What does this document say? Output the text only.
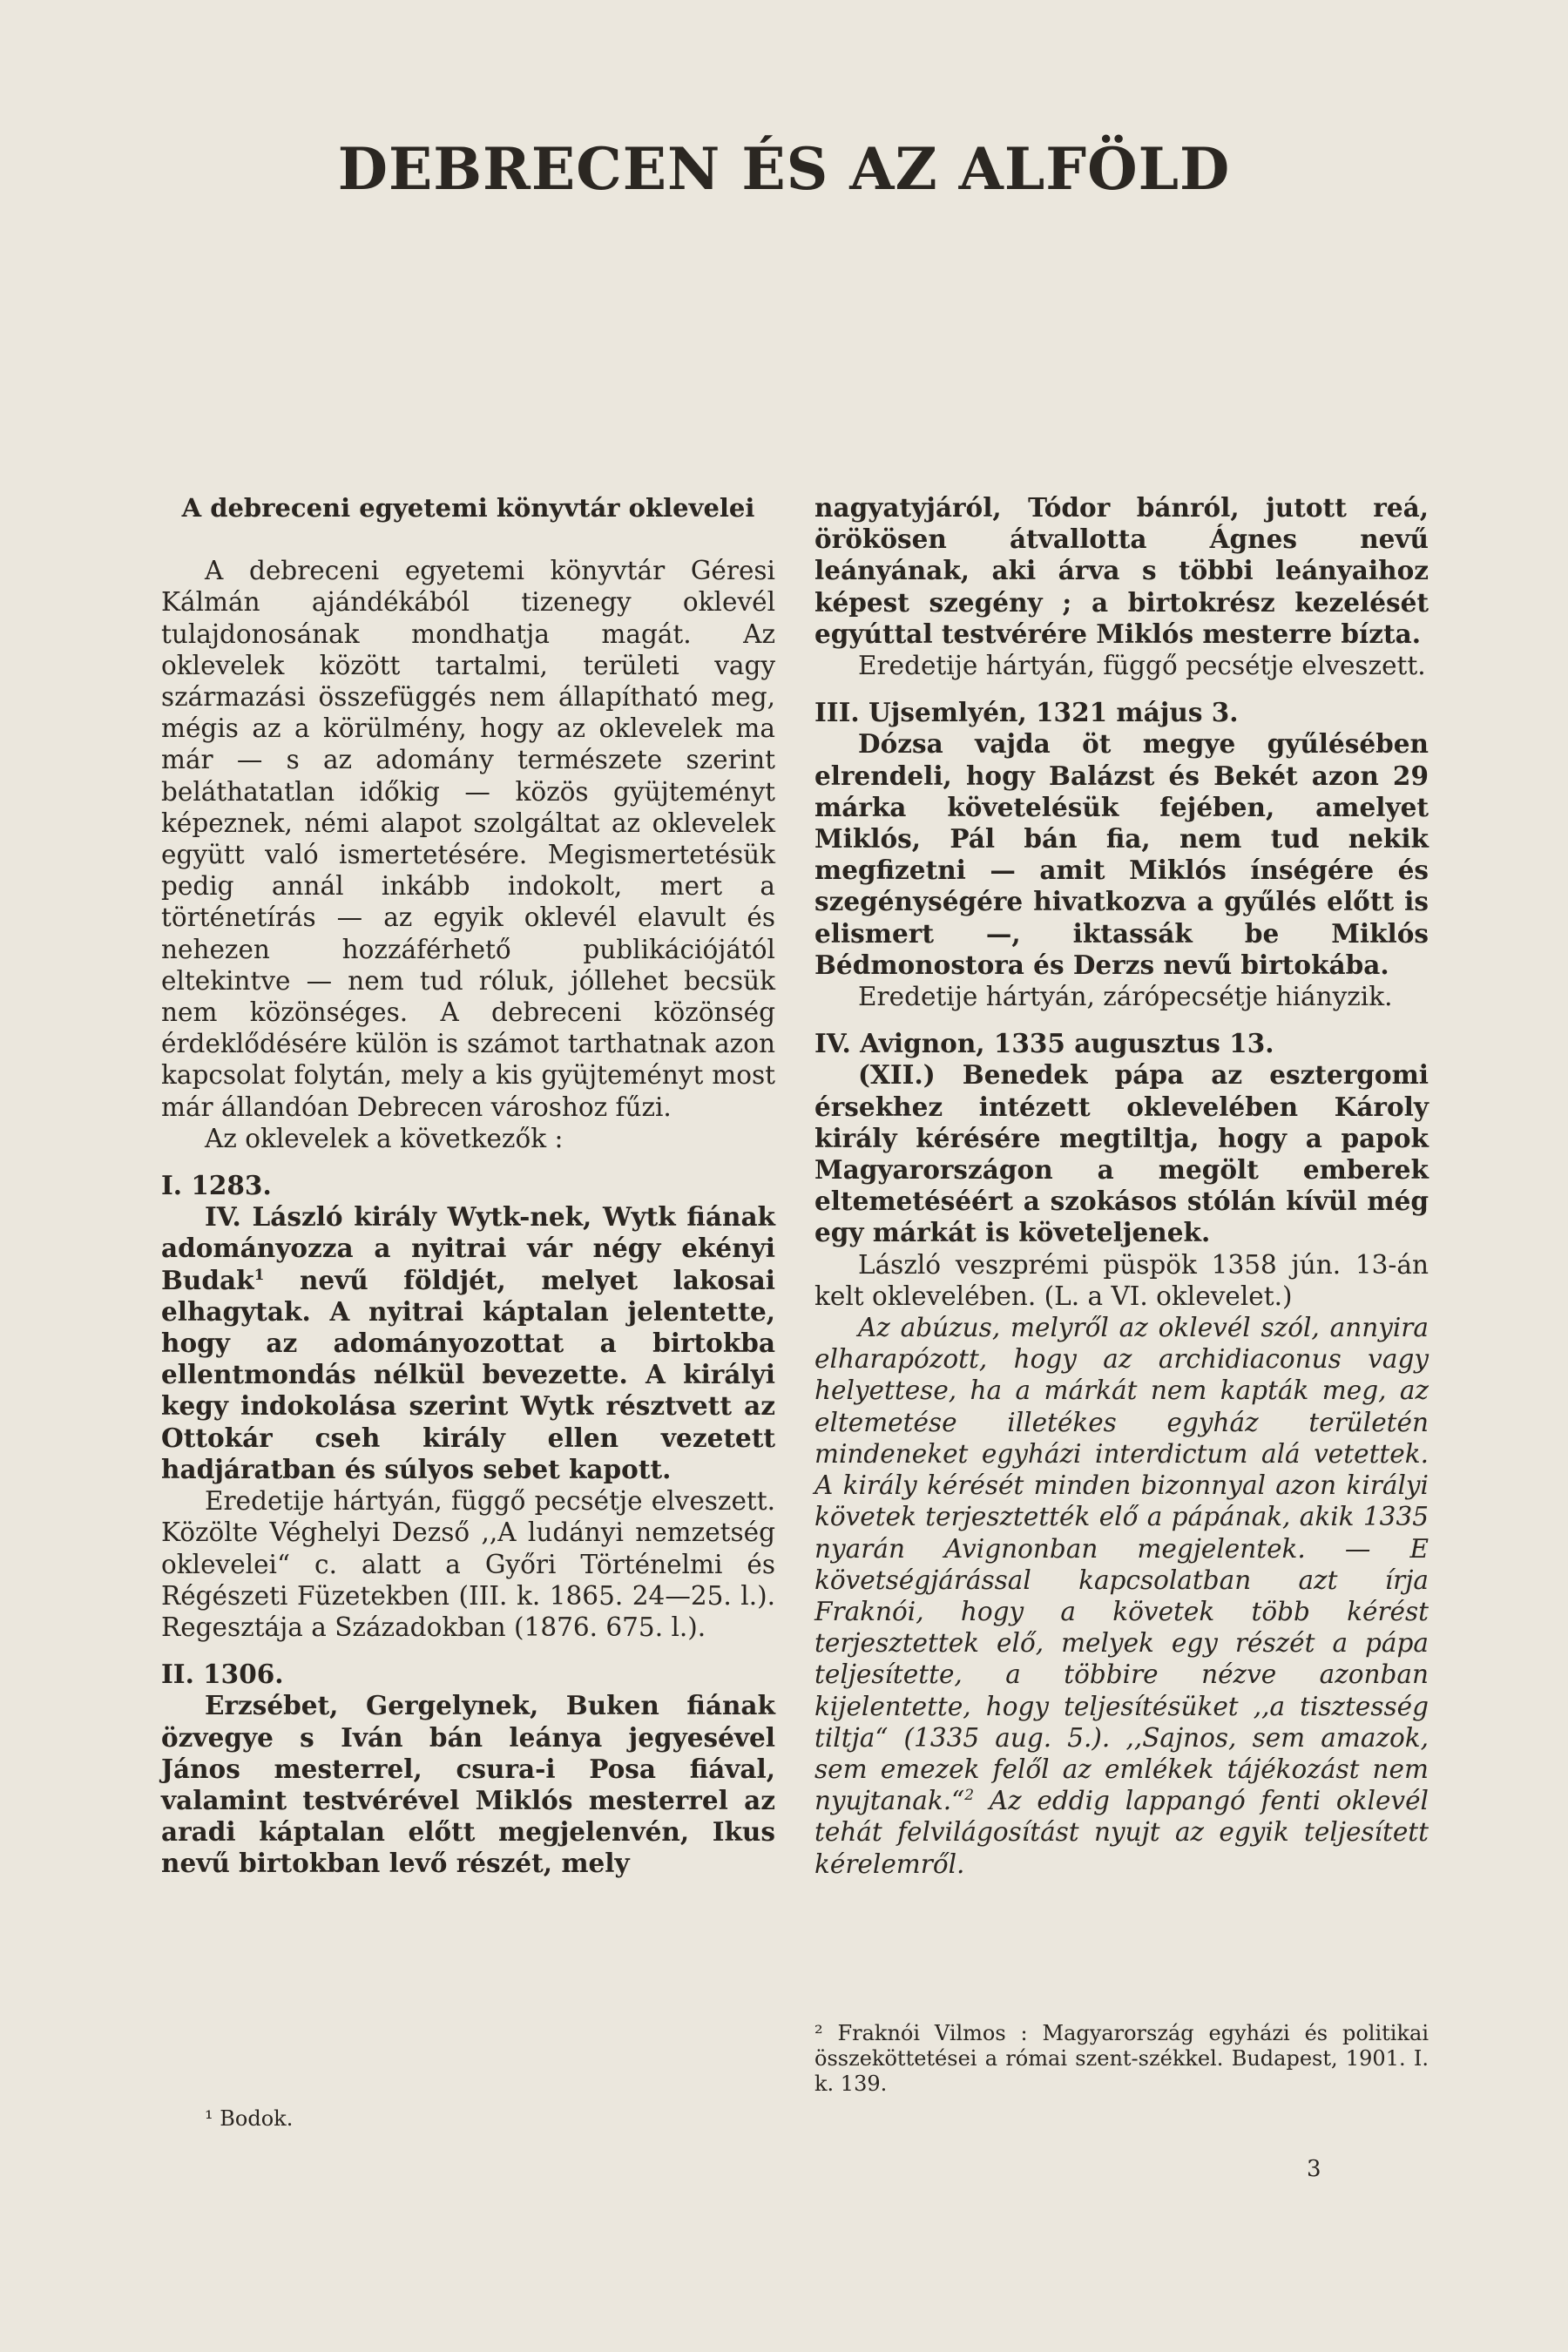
DEBRECEN ÉS AZ ALFÖLD

A debreceni egyetemi könyvtár oklevelei

A debreceni egyetemi könyvtár Géresi Kálmán ajándékából tizenegy oklevél tulajdonosának mondhatja magát. Az oklevelek között tartalmi, területi vagy származási összefüggés nem állapítható meg, mégis az a körülmény, hogy az oklevelek ma már — s az adomány természete szerint beláthatatlan időkig — közös gyüjteményt képeznek, némi alapot szolgáltat az oklevelek együtt való ismertetésére. Megismertetésük pedig annál inkább indokolt, mert a történetírás — az egyik oklevél elavult és nehezen hozzáférhető publikációjától eltekintve — nem tud róluk, jóllehet becsük nem közönséges. A debreceni közönség érdeklődésére külön is számot tarthatnak azon kapcsolat folytán, mely a kis gyüjteményt most már állandóan Debrecen városhoz fűzi.

Az oklevelek a következők :

I. 1283.

IV. László király Wytk-nek, Wytk fiának adományozza a nyitrai vár négy ekényi Budak$^1$ nevű földjét, melyet lakosai elhagytak. A nyitrai káptalan jelentette, hogy az adományozottat a birtokba ellentmondás nélkül bevezette. A királyi kegy indokolása szerint Wytk résztvett az Ottokár cseh király ellen vezetett hadjáratban és súlyos sebet kapott.

Eredetije hártyán, függő pecsétje elveszett. Közölte Véghelyi Dezső ,,A ludányi nemzetség oklevelei“ c. alatt a Győri Történelmi és Régészeti Füzetekben (III. k. 1865. 24—25. l.). Regesztája a Századokban (1876. 675. l.).

II. 1306.

Erzsébet, Gergelynek, Buken fiának özvegye s Iván bán leánya jegyesével János mesterrel, csura-i Posa fiával, valamint testvérével Miklós mesterrel az aradi káptalan előtt megjelenvén, Ikus nevű birtokban levő részét, mely

¹ Bodok.

nagyatyjáról, Tódor bánról, jutott reá, örökösen átvallotta Ágnes nevű leányának, aki árva s többi leányaihoz képest szegény ; a birtokrész kezelését egyúttal testvérére Miklós mesterre bízta.

Eredetije hártyán, függő pecsétje elveszett.

III. Ujsemlyén, 1321 május 3.

Dózsa vajda öt megye gyűlésében elrendeli, hogy Balázst és Bekét azon 29 márka követelésük fejében, amelyet Miklós, Pál bán fia, nem tud nekik megfizetni — amit Miklós ínségére és szegénységére hivatkozva a gyűlés előtt is elismert —, iktassák be Miklós Bédmonostora és Derzs nevű birtokába.

Eredetije hártyán, zárópecsétje hiányzik.

IV. Avignon, 1335 augusztus 13.

(XII.) Benedek pápa az esztergomi érsekhez intézett oklevelében Károly király kérésére megtiltja, hogy a papok Magyarországon a megölt emberek eltemetéséért a szokásos stólán kívül még egy márkát is követeljenek.

László veszprémi püspök 1358 jún. 13-án kelt oklevelében. (L. a VI. oklevelet.)

Az abúzus, melyről az oklevél szól, annyira elharapózott, hogy az archidiaconus vagy helyettese, ha a márkát nem kapták meg, az eltemetése illetékes egyház területén mindeneket egyházi interdictum alá vetettek. A király kérését minden bizonnyal azon királyi követek terjesztették elő a pápának, akik 1335 nyarán Avignonban megjelentek. — E követségjárással kapcsolatban azt írja Fraknói, hogy a követek több kérést terjesztettek elő, melyek egy részét a pápa teljesítette, a többire nézve azonban kijelentette, hogy teljesítésüket ,,a tisztesség tiltja“ (1335 aug. 5.). ,,Sajnos, sem amazok, sem emezek felől az emlékek tájékozást nem nyujtanak.“$^2$ Az eddig lappangó fenti oklevél tehát felvilágosítást nyujt az egyik teljesített kérelemről.

² Fraknói Vilmos : Magyarország egyházi és politikai összeköttetései a római szent-székkel. Budapest, 1901. I. k. 139.
3
